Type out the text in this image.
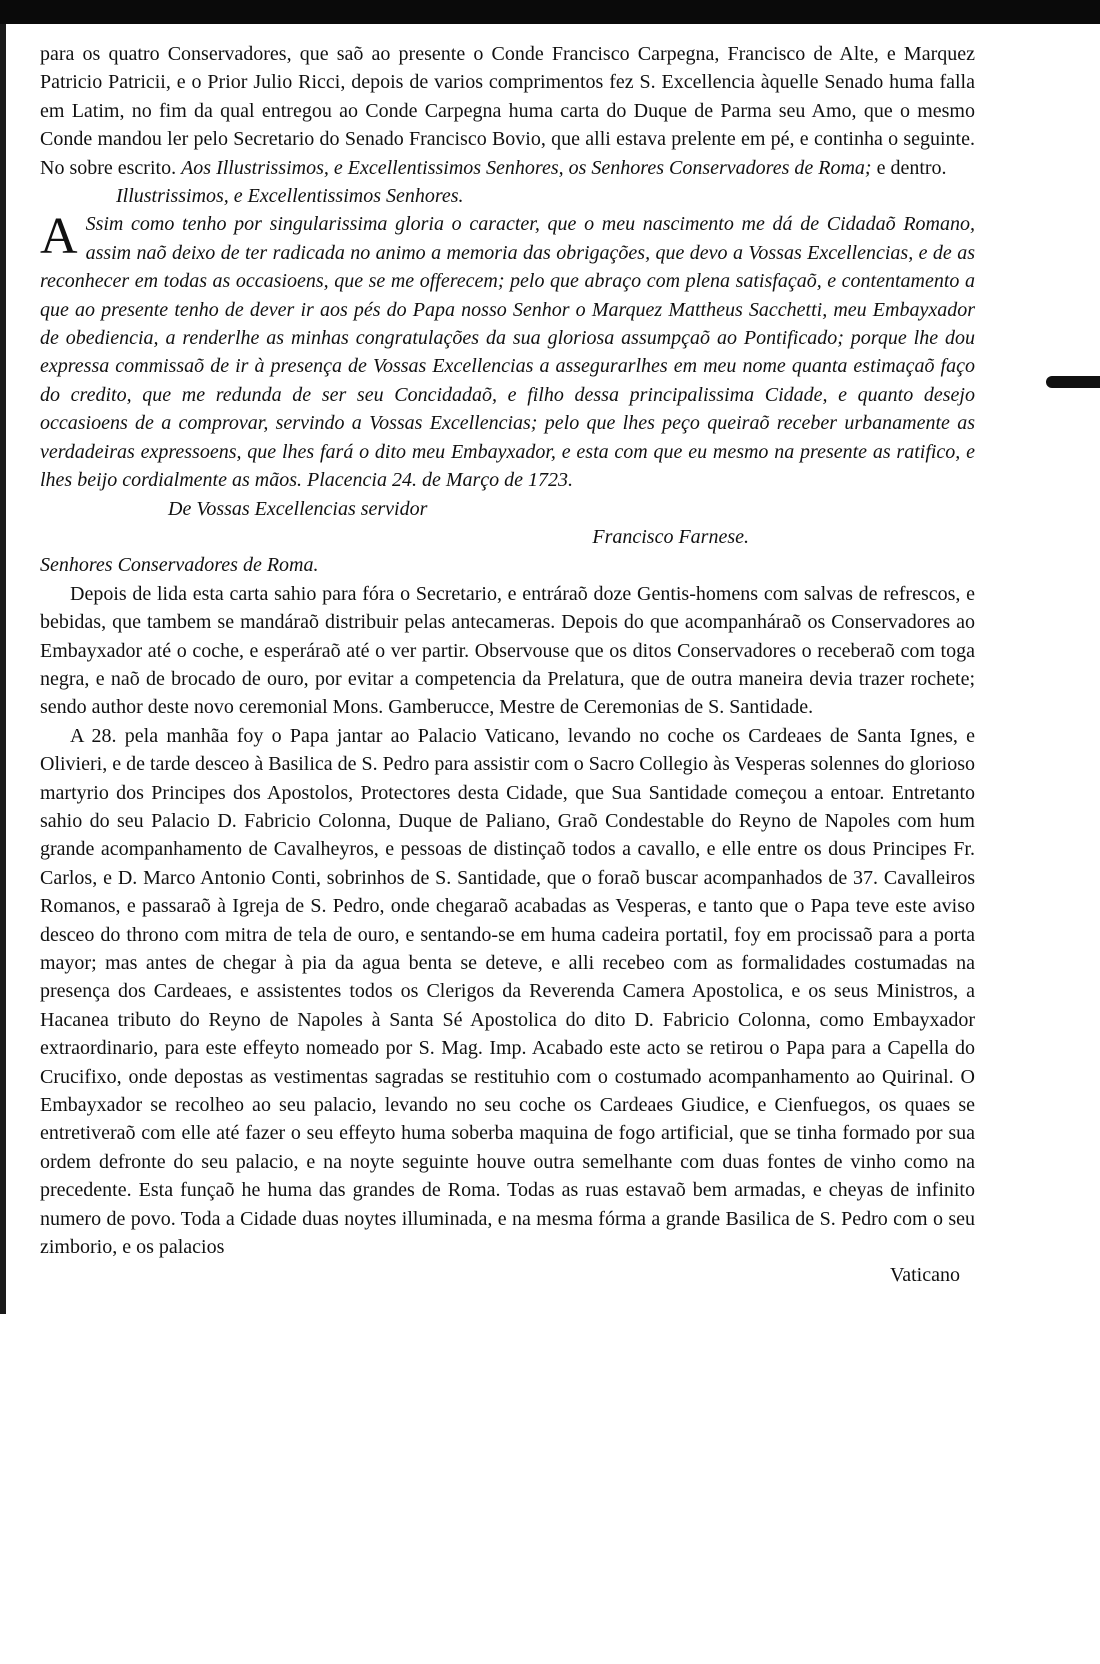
para os quatro Conservadores, que saõ ao presente o Conde Francisco Carpegna, Francisco de Alte, e Marquez Patricio Patricii, e o Prior Julio Ricci, depois de varios comprimentos fez S. Excellencia àquelle Senado huma falla em Latim, no fim da qual entregou ao Conde Carpegna huma carta do Duque de Parma seu Amo, que o mesmo Conde mandou ler pelo Secretario do Senado Francisco Bovio, que alli estava prelente em pé, e continha o seguinte. No sobre escrito. Aos Illustrissimos, e Excellentissimos Senhores, os Senhores Conservadores de Roma; e dentro.

Illustrissimos, e Excellentissimos Senhores.

A Ssim como tenho por singularissima gloria o caracter, que o meu nascimento me dá de Cidadaõ Romano, assim naõ deixo de ter radicada no animo a memoria das obrigações, que devo a Vossas Excellencias, e de as reconhecer em todas as occasioens, que se me offerecem; pelo que abraço com plena satisfaçaõ, e contentamento a que ao presente tenho de dever ir aos pés do Papa nosso Senhor o Marquez Mattheus Sacchetti, meu Embayxador de obediencia, a renderlhe as minhas congratulações da sua gloriosa assumpçaõ ao Pontificado; porque lhe dou expressa commissaõ de ir à presença de Vossas Excellencias a assegurarlhes em meu nome quanta estimaçaõ faço do credito, que me redunda de ser seu Concidadaõ, e filho dessa principalissima Cidade, e quanto desejo occasioens de a comprovar, servindo a Vossas Excellencias; pelo que lhes peço queiraõ receber urbanamente as verdadeiras expressoens, que lhes fará o dito meu Embayxador, e esta com que eu mesmo na presente as ratifico, e lhes beijo cordialmente as mãos. Placencia 24. de Março de 1723.

De Vossas Excellencias servidor

Francisco Farnese.

Senhores Conservadores de Roma.

Depois de lida esta carta sahio para fóra o Secretario, e entráraõ doze Gentis-homens com salvas de refrescos, e bebidas, que tambem se mandáraõ distribuir pelas antecameras. Depois do que acompanháraõ os Conservadores ao Embayxador até o coche, e esperáraõ até o ver partir. Observouse que os ditos Conservadores o receberaõ com toga negra, e naõ de brocado de ouro, por evitar a competencia da Prelatura, que de outra maneira devia trazer rochete; sendo author deste novo ceremonial Mons. Gamberucce, Mestre de Ceremonias de S. Santidade.

A 28. pela manhãa foy o Papa jantar ao Palacio Vaticano, levando no coche os Cardeaes de Santa Ignes, e Olivieri, e de tarde desceo à Basilica de S. Pedro para assistir com o Sacro Collegio às Vesperas solennes do glorioso martyrio dos Principes dos Apostolos, Protectores desta Cidade, que Sua Santidade começou a entoar. Entretanto sahio do seu Palacio D. Fabricio Colonna, Duque de Paliano, Graõ Condestable do Reyno de Napoles com hum grande acompanhamento de Cavalheyros, e pessoas de distinçaõ todos a cavallo, e elle entre os dous Principes Fr. Carlos, e D. Marco Antonio Conti, sobrinhos de S. Santidade, que o foraõ buscar acompanhados de 37. Cavalleiros Romanos, e passaraõ à Igreja de S. Pedro, onde chegaraõ acabadas as Vesperas, e tanto que o Papa teve este aviso desceo do throno com mitra de tela de ouro, e sentando-se em huma cadeira portatil, foy em procissaõ para a porta mayor; mas antes de chegar à pia da agua benta se deteve, e alli recebeo com as formalidades costumadas na presença dos Cardeaes, e assistentes todos os Clerigos da Reverenda Camera Apostolica, e os seus Ministros, a Hacanea tributo do Reyno de Napoles à Santa Sé Apostolica do dito D. Fabricio Colonna, como Embayxador extraordinario, para este effeyto nomeado por S. Mag. Imp. Acabado este acto se retirou o Papa para a Capella do Crucifixo, onde depostas as vestimentas sagradas se restituhio com o costumado acompanhamento ao Quirinal. O Embayxador se recolheo ao seu palacio, levando no seu coche os Cardeaes Giudice, e Cienfuegos, os quaes se entretiveraõ com elle até fazer o seu effeyto huma soberba maquina de fogo artificial, que se tinha formado por sua ordem defronte do seu palacio, e na noyte seguinte houve outra semelhante com duas fontes de vinho como na precedente. Esta funçaõ he huma das grandes de Roma. Todas as ruas estavaõ bem armadas, e cheyas de infinito numero de povo. Toda a Cidade duas noytes illuminada, e na mesma fórma a grande Basilica de S. Pedro com o seu zimborio, e os palacios

Vaticano
